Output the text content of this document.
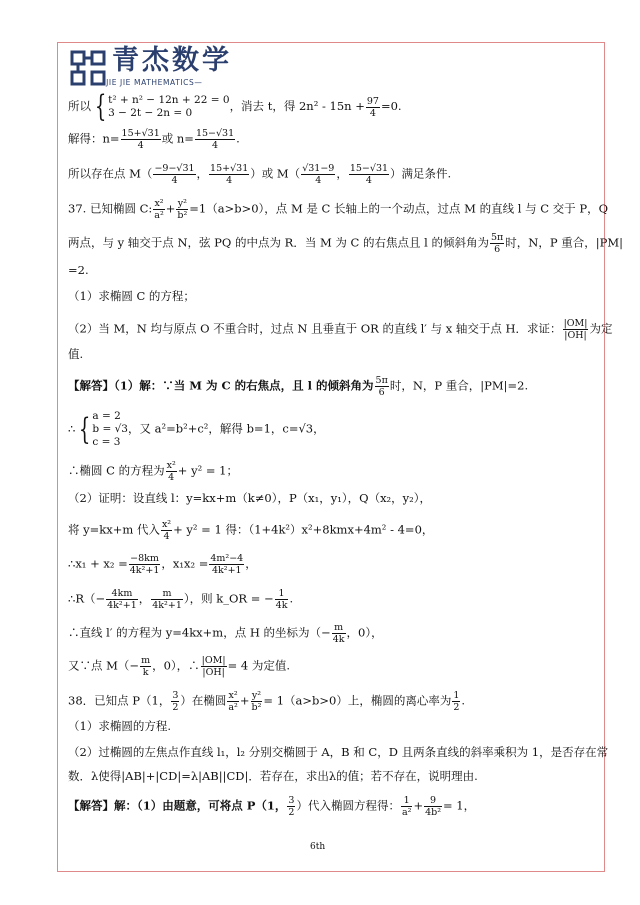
青杰数学
—JIE JIE MATHEMATICS—
所以 { t² + n² − 12n + 22 = 0
3 − 2t − 2n = 0	，消去 t，得 $2n^2 - 15n + \frac{97}{4} =0$.
解得：$n= \frac{15+√31}{4}$ 或 $n= \frac{15-√31}{4}$ .
所以存在点 $M( \frac{-9-√31}{4}$ ， $\frac{15+√31}{4}$ ）或 $M( \frac{√31-9}{4}$ ， $\frac{15-√31}{4}$ ）满足条件.
37. 已知椭圆 C: $\frac{\text{x²}}{\text{a²}} + \frac{\text{y²}}{\text{b²}} =1(a>b>0)$，点 M 是 C 长轴上的一个动点，过点 M 的直线 l 与 C 交于 P，Q
两点，与 y 轴交于点 N，弦 PQ 的中点为 R．当 M 为 C 的右焦点且 l 的倾斜角为 $\frac{5\pi}{6}$ 时，N，P 重合，|PM|
=2.
（1）求椭圆 C 的方程；
（2）当 M，N 均与原点 O 不重合时，过点 N 且垂直于 OR 的直线 l′ 与 x 轴交于点 H．求证： $\frac{|OM|}{|OH|}$ 为定
值.
【解答】（1）解：∵当 M 为 C 的右焦点，且 l 的倾斜角为 $\frac{5\pi}{6}$ 时，N，P 重合，|PM|=2.
∴ { a = 2
b = √3
c = 3，又 a²=b²+c²，解得 b=1，c=√3，
∴椭圆 C 的方程为 $\frac{\text{x²}}{4} + y^2 = 1$；
（2）证明：设直线 l：y=kx+m（k≠0），P（x₁，y₁），Q（x₂，y₂），
将 y=kx+m 代入 $\frac{\text{x²}}{4} + y^2 = 1$ 得：（1+4k²）x²+8kmx+4m² - 4=0，
∴x₁ + $x_2 = \frac{-8km}{\text{4k²+1}}$ ，$x_1x_2 = \frac{\text{4m²−4}}{\text{4k²+1}}$ ，
∴R（− $\frac{4km}{\text{4k²+1}}$ ， $\frac{m}{\text{4k²+1}}$ ），则 k_OR = − $\frac{1}{4k}$ .
∴直线 l′ 的方程为 y=4kx+m，点 H 的坐标为（− $\frac{m}{4k}$ ，0），
又∵点 $M(- \frac{m}{k}$ ，0），∴ $\frac{|OM|}{|OH|} = 4$ 为定值.
38．已知点 P（1， $\frac{3}{2}$ ）在椭圆 $\frac{\text{x²}}{\text{a²}} + \frac{\text{y²}}{\text{b²}} = 1(a>b>0)$上，椭圆的离心率为 $\frac{1}{2}$ .
（1）求椭圆的方程.
（2）过椭圆的左焦点作直线 l₁，l₂ 分别交椭圆于 A，B 和 C，D 且两条直线的斜率乘积为 1，是否存在常
数．λ使得|AB|+|CD|=λ|AB||CD|．若存在，求出λ的值；若不存在，说明理由.
【解答】解：（1）由题意，可将点 P（1， $\frac{3}{2}$ ）代入椭圆方程得： $\frac{1}{\text{a²}} + \frac{9}{\text{4b²}} = 1$，
6th
